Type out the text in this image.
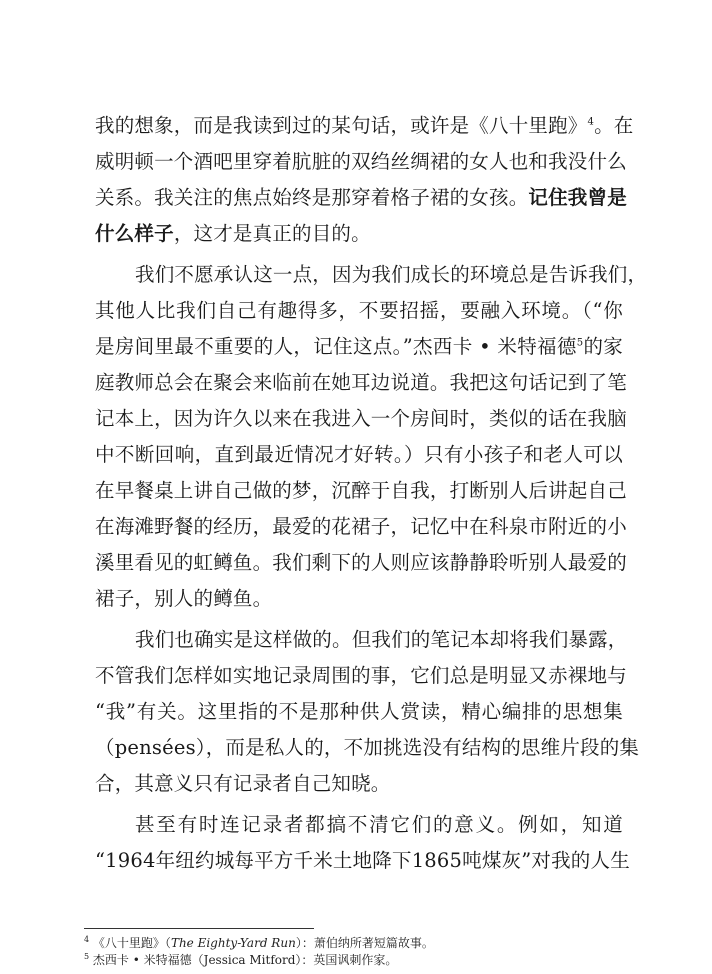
我的想象，而是我读到过的某句话，或许是《八十里跑》$^4$。在
威明顿一个酒吧里穿着肮脏的双绉丝绸裙的女人也和我没什么
关系。我关注的焦点始终是那穿着格子裙的女孩。记住我曾是
什么样子，这才是真正的目的。
我们不愿承认这一点，因为我们成长的环境总是告诉我们，
其他人比我们自己有趣得多，不要招摇，要融入环境。（“你
是房间里最不重要的人，记住这点。”杰西卡 • 米特福德$^5$的家
庭教师总会在聚会来临前在她耳边说道。我把这句话记到了笔
记本上，因为许久以来在我进入一个房间时，类似的话在我脑
中不断回响，直到最近情况才好转。）只有小孩子和老人可以
在早餐桌上讲自己做的梦，沉醉于自我，打断别人后讲起自己
在海滩野餐的经历，最爱的花裙子，记忆中在科泉市附近的小
溪里看见的虹鳟鱼。我们剩下的人则应该静静聆听别人最爱的
裙子，别人的鳟鱼。
我们也确实是这样做的。但我们的笔记本却将我们暴露，
不管我们怎样如实地记录周围的事，它们总是明显又赤裸地与
“我”有关。这里指的不是那种供人赏读，精心编排的思想集
（pensées），而是私人的，不加挑选没有结构的思维片段的集
合，其意义只有记录者自己知晓。
甚至有时连记录者都搞不清它们的意义。例如，知道
“1964年纽约城每平方千米土地降下1865吨煤灰”对我的人生
$^4$ 《八十里跑》（The Eighty-Yard Run）：萧伯纳所著短篇故事。
$^5$ 杰西卡 • 米特福德（Jessica Mitford）：英国讽刺作家。
